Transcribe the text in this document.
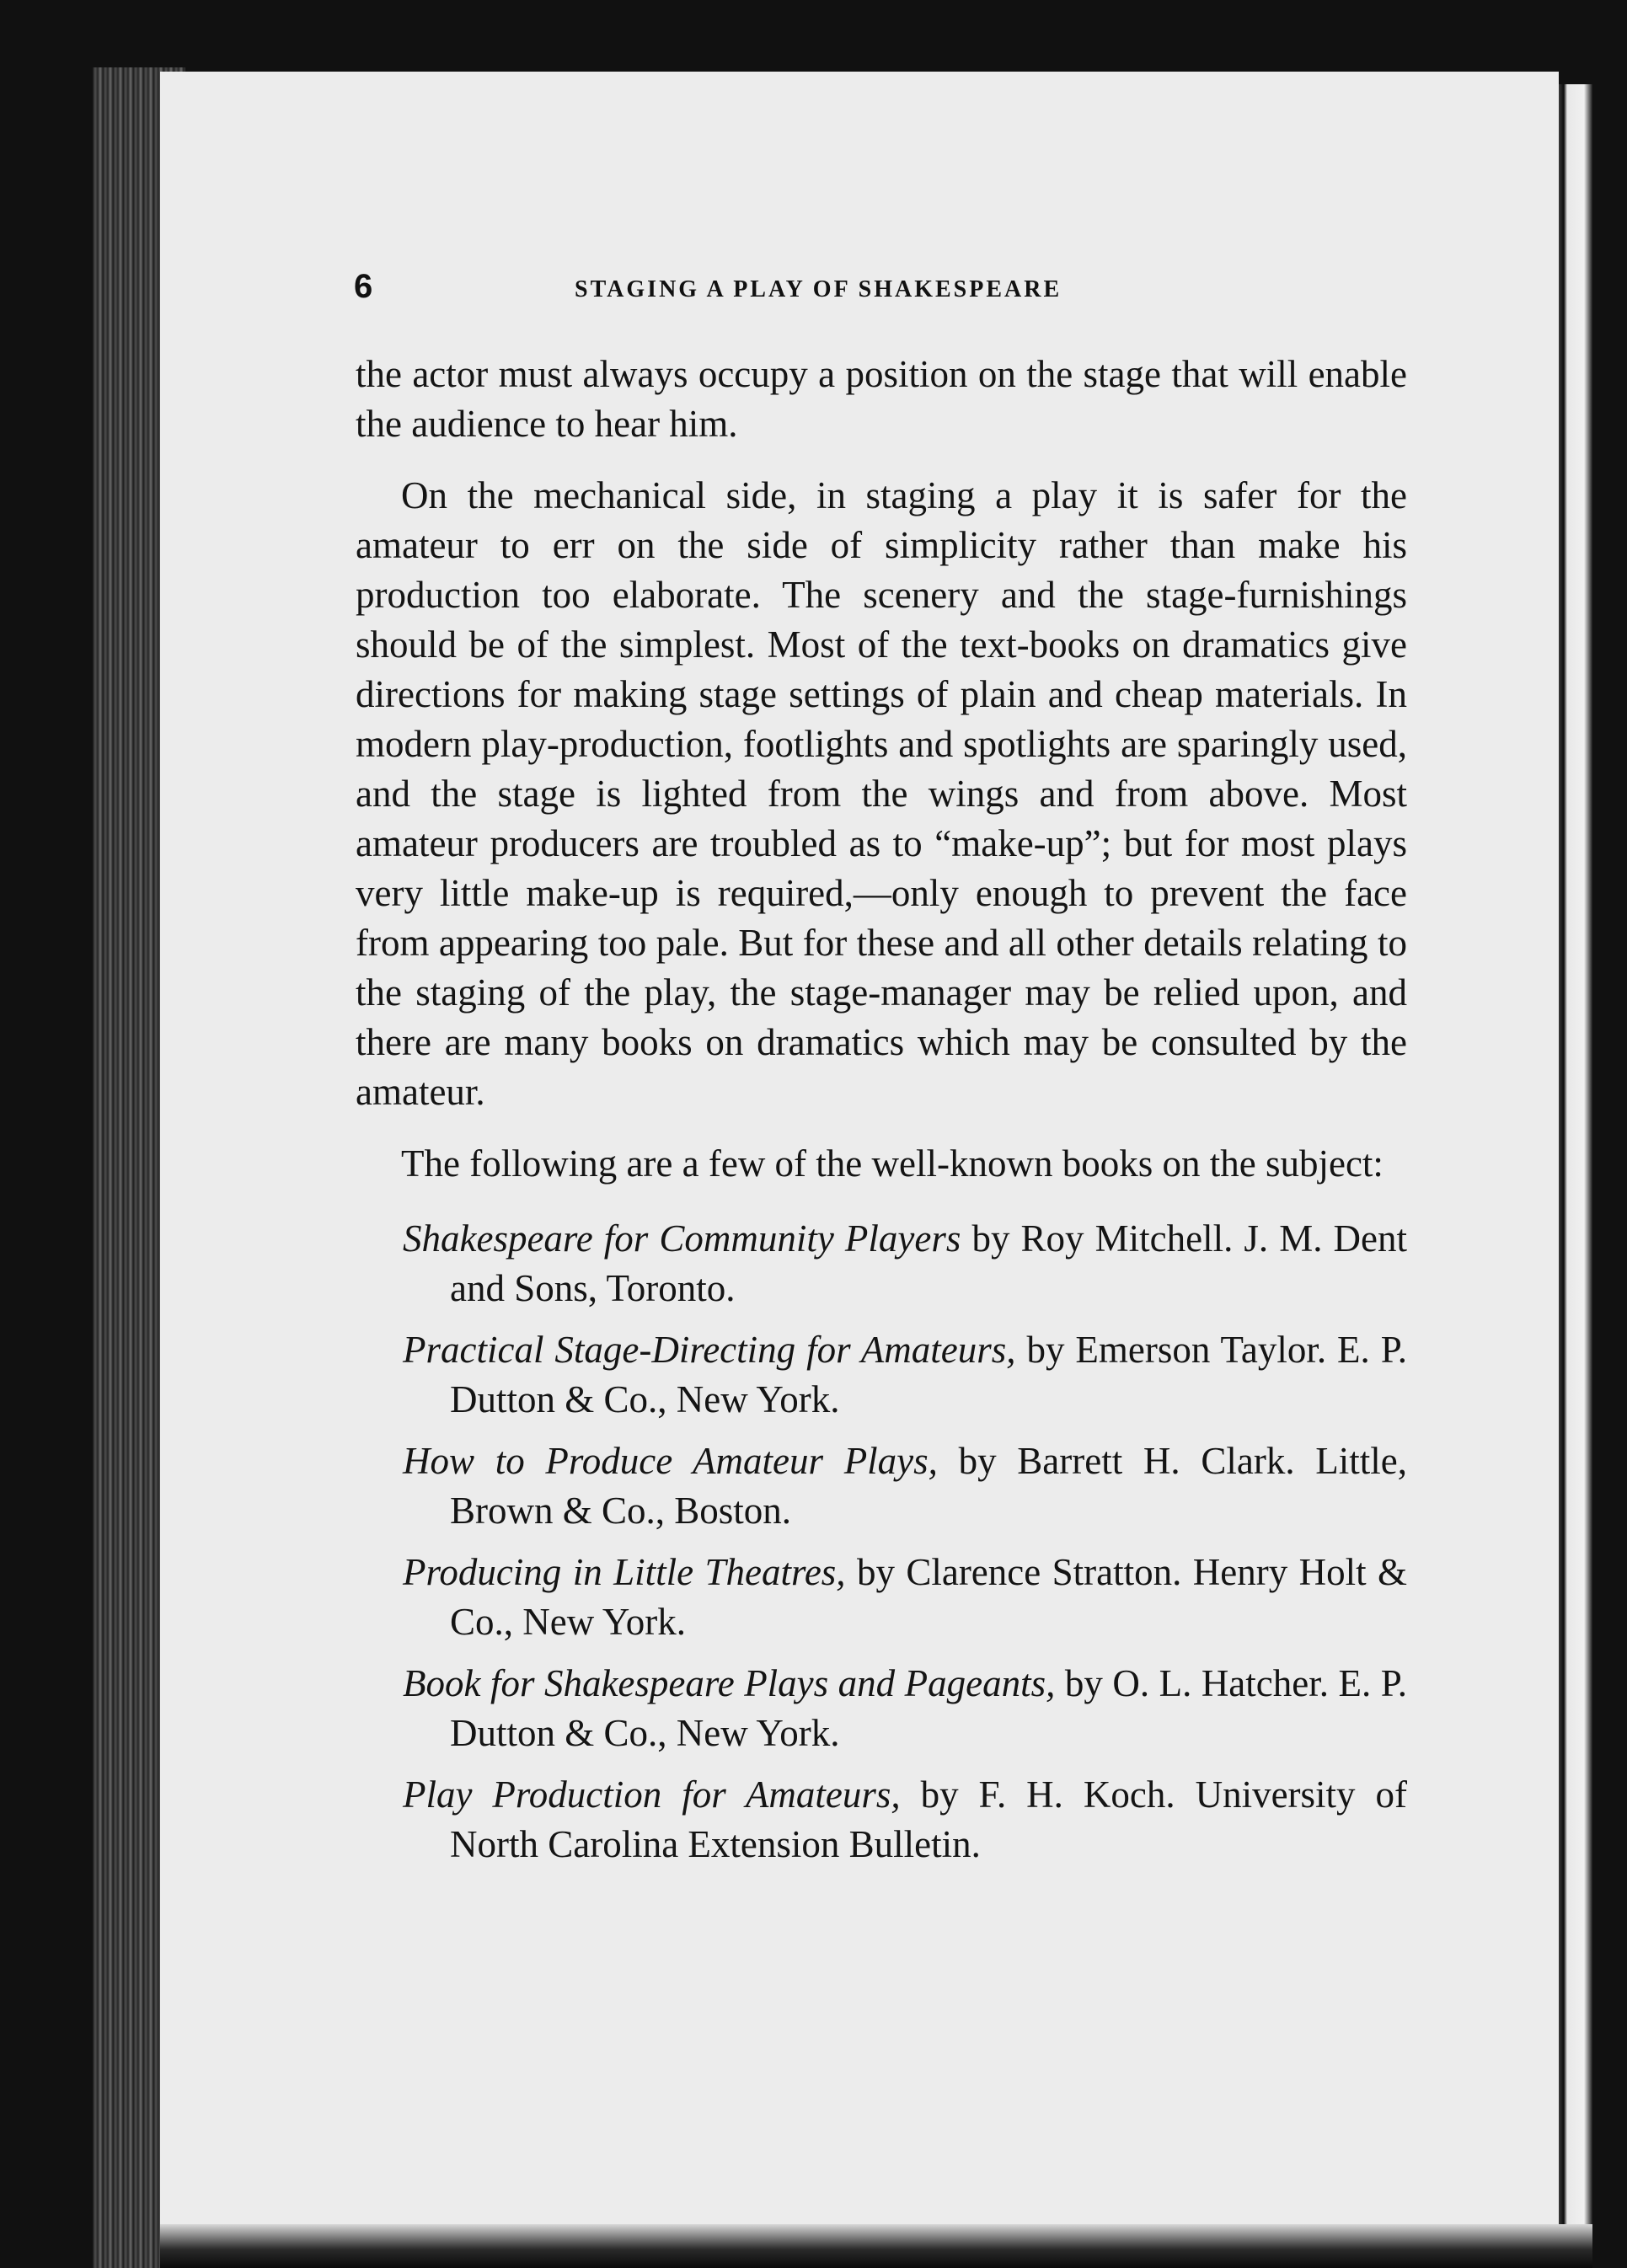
6	STAGING A PLAY OF SHAKESPEARE

the actor must always occupy a position on the stage that will enable the audience to hear him.

On the mechanical side, in staging a play it is safer for the amateur to err on the side of simplicity rather than make his production too elaborate. The scenery and the stage-furnishings should be of the simplest. Most of the text-books on dramatics give directions for making stage settings of plain and cheap materials. In modern play-production, footlights and spotlights are sparingly used, and the stage is lighted from the wings and from above. Most amateur producers are troubled as to “make-up”; but for most plays very little make-up is required,—only enough to prevent the face from appearing too pale. But for these and all other details relating to the staging of the play, the stage-manager may be relied upon, and there are many books on dramatics which may be consulted by the amateur.

The following are a few of the well-known books on the subject:

Shakespeare for Community Players by Roy Mitchell. J. M. Dent and Sons, Toronto.

Practical Stage-Directing for Amateurs, by Emerson Taylor. E. P. Dutton & Co., New York.

How to Produce Amateur Plays, by Barrett H. Clark. Little, Brown & Co., Boston.

Producing in Little Theatres, by Clarence Stratton. Henry Holt & Co., New York.

Book for Shakespeare Plays and Pageants, by O. L. Hatcher. E. P. Dutton & Co., New York.

Play Production for Amateurs, by F. H. Koch. University of North Carolina Extension Bulletin.
